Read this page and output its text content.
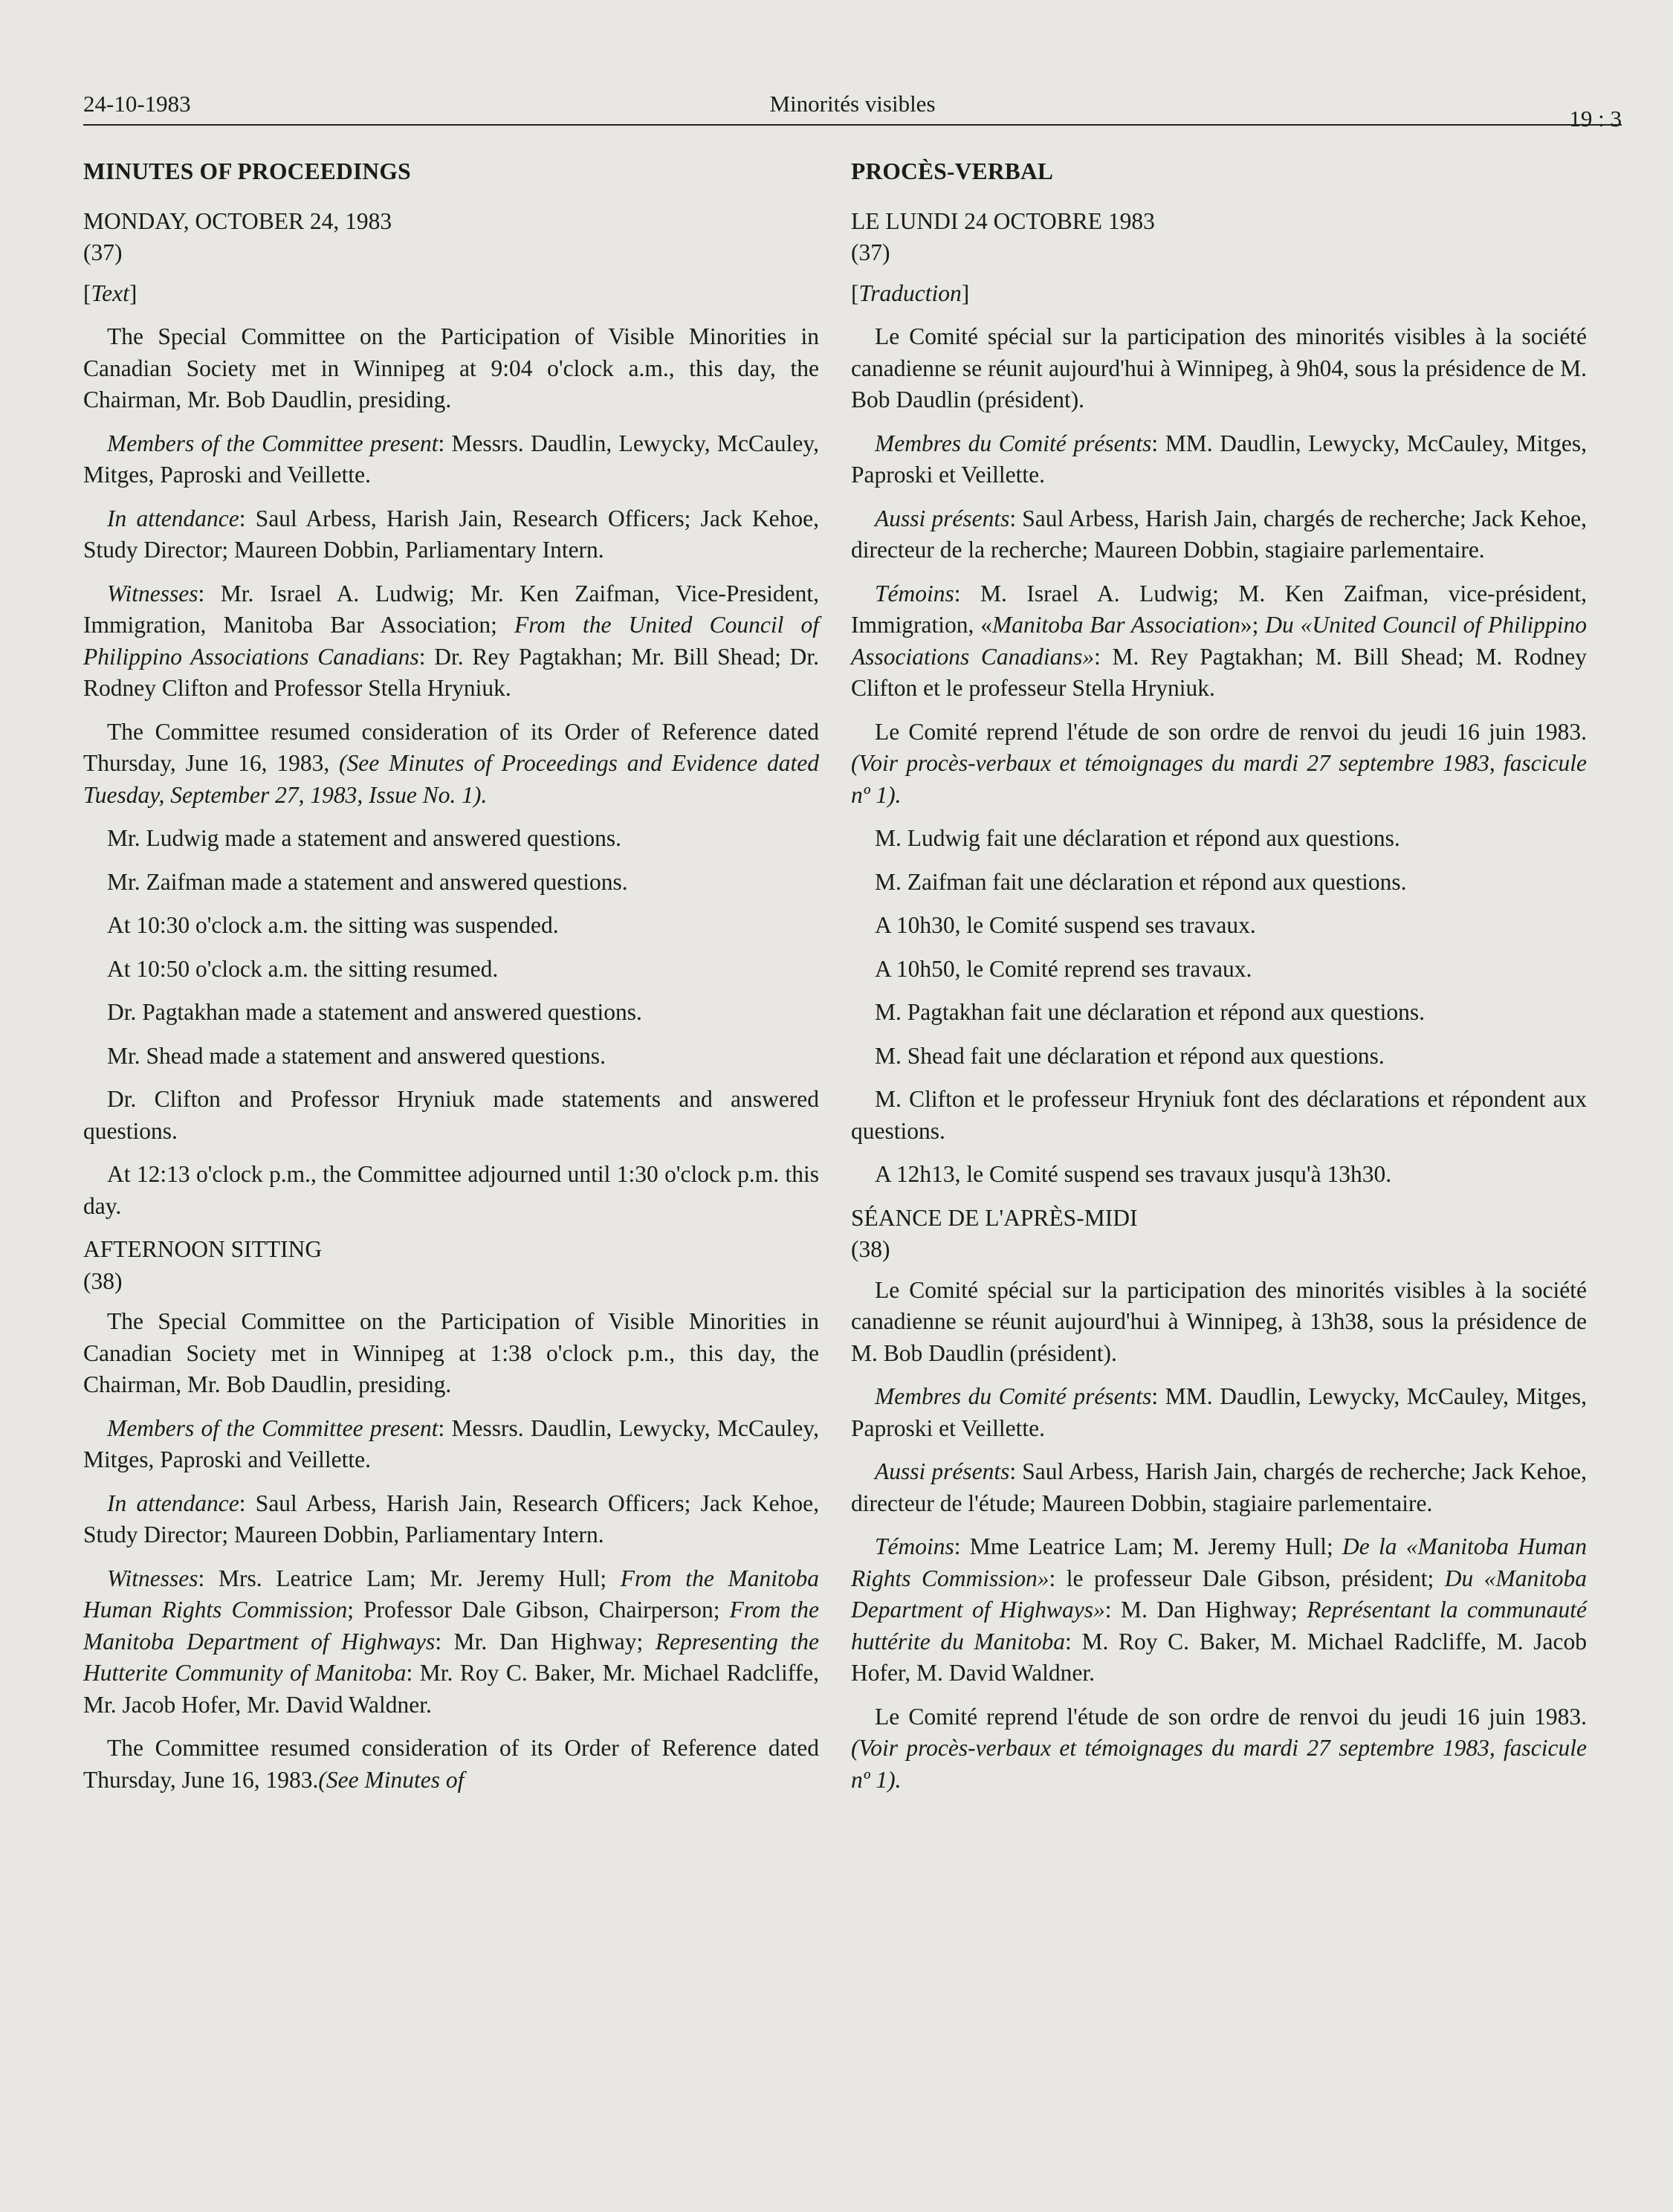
24-10-1983	Minorités visibles
19 : 3
MINUTES OF PROCEEDINGS
MONDAY, OCTOBER 24, 1983
(37)
[Text]

The Special Committee on the Participation of Visible Minorities in Canadian Society met in Winnipeg at 9:04 o'clock a.m., this day, the Chairman, Mr. Bob Daudlin, presiding.

Members of the Committee present: Messrs. Daudlin, Lewycky, McCauley, Mitges, Paproski and Veillette.

In attendance: Saul Arbess, Harish Jain, Research Officers; Jack Kehoe, Study Director; Maureen Dobbin, Parliamentary Intern.

Witnesses: Mr. Israel A. Ludwig; Mr. Ken Zaifman, Vice-President, Immigration, Manitoba Bar Association; From the United Council of Philippino Associations Canadians: Dr. Rey Pagtakhan; Mr. Bill Shead; Dr. Rodney Clifton and Professor Stella Hryniuk.

The Committee resumed consideration of its Order of Reference dated Thursday, June 16, 1983, (See Minutes of Proceedings and Evidence dated Tuesday, September 27, 1983, Issue No. 1).

Mr. Ludwig made a statement and answered questions.

Mr. Zaifman made a statement and answered questions.

At 10:30 o'clock a.m. the sitting was suspended.

At 10:50 o'clock a.m. the sitting resumed.

Dr. Pagtakhan made a statement and answered questions.

Mr. Shead made a statement and answered questions.

Dr. Clifton and Professor Hryniuk made statements and answered questions.

At 12:13 o'clock p.m., the Committee adjourned until 1:30 o'clock p.m. this day.

AFTERNOON SITTING
(38)

The Special Committee on the Participation of Visible Minorities in Canadian Society met in Winnipeg at 1:38 o'clock p.m., this day, the Chairman, Mr. Bob Daudlin, presiding.

Members of the Committee present: Messrs. Daudlin, Lewycky, McCauley, Mitges, Paproski and Veillette.

In attendance: Saul Arbess, Harish Jain, Research Officers; Jack Kehoe, Study Director; Maureen Dobbin, Parliamentary Intern.

Witnesses: Mrs. Leatrice Lam; Mr. Jeremy Hull; From the Manitoba Human Rights Commission; Professor Dale Gibson, Chairperson; From the Manitoba Department of Highways: Mr. Dan Highway; Representing the Hutterite Community of Manitoba: Mr. Roy C. Baker, Mr. Michael Radcliffe, Mr. Jacob Hofer, Mr. David Waldner.

The Committee resumed consideration of its Order of Reference dated Thursday, June 16, 1983.(See Minutes of

PROCÈS-VERBAL
LE LUNDI 24 OCTOBRE 1983
(37)
[Traduction]

Le Comité spécial sur la participation des minorités visibles à la société canadienne se réunit aujourd'hui à Winnipeg, à 9h04, sous la présidence de M. Bob Daudlin (président).

Membres du Comité présents: MM. Daudlin, Lewycky, McCauley, Mitges, Paproski et Veillette.

Aussi présents: Saul Arbess, Harish Jain, chargés de recherche; Jack Kehoe, directeur de la recherche; Maureen Dobbin, stagiaire parlementaire.

Témoins: M. Israel A. Ludwig; M. Ken Zaifman, vice-président, Immigration, «Manitoba Bar Association»; Du «United Council of Philippino Associations Canadians»: M. Rey Pagtakhan; M. Bill Shead; M. Rodney Clifton et le professeur Stella Hryniuk.

Le Comité reprend l'étude de son ordre de renvoi du jeudi 16 juin 1983. (Voir procès-verbaux et témoignages du mardi 27 septembre 1983, fascicule nº 1).

M. Ludwig fait une déclaration et répond aux questions.

M. Zaifman fait une déclaration et répond aux questions.

A 10h30, le Comité suspend ses travaux.

A 10h50, le Comité reprend ses travaux.

M. Pagtakhan fait une déclaration et répond aux questions.

M. Shead fait une déclaration et répond aux questions.

M. Clifton et le professeur Hryniuk font des déclarations et répondent aux questions.

A 12h13, le Comité suspend ses travaux jusqu'à 13h30.

SÉANCE DE L'APRÈS-MIDI
(38)

Le Comité spécial sur la participation des minorités visibles à la société canadienne se réunit aujourd'hui à Winnipeg, à 13h38, sous la présidence de M. Bob Daudlin (président).

Membres du Comité présents: MM. Daudlin, Lewycky, McCauley, Mitges, Paproski et Veillette.

Aussi présents: Saul Arbess, Harish Jain, chargés de recherche; Jack Kehoe, directeur de l'étude; Maureen Dobbin, stagiaire parlementaire.

Témoins: Mme Leatrice Lam; M. Jeremy Hull; De la «Manitoba Human Rights Commission»: le professeur Dale Gibson, président; Du «Manitoba Department of Highways»: M. Dan Highway; Représentant la communauté huttérite du Manitoba: M. Roy C. Baker, M. Michael Radcliffe, M. Jacob Hofer, M. David Waldner.

Le Comité reprend l'étude de son ordre de renvoi du jeudi 16 juin 1983. (Voir procès-verbaux et témoignages du mardi 27 septembre 1983, fascicule nº 1).
